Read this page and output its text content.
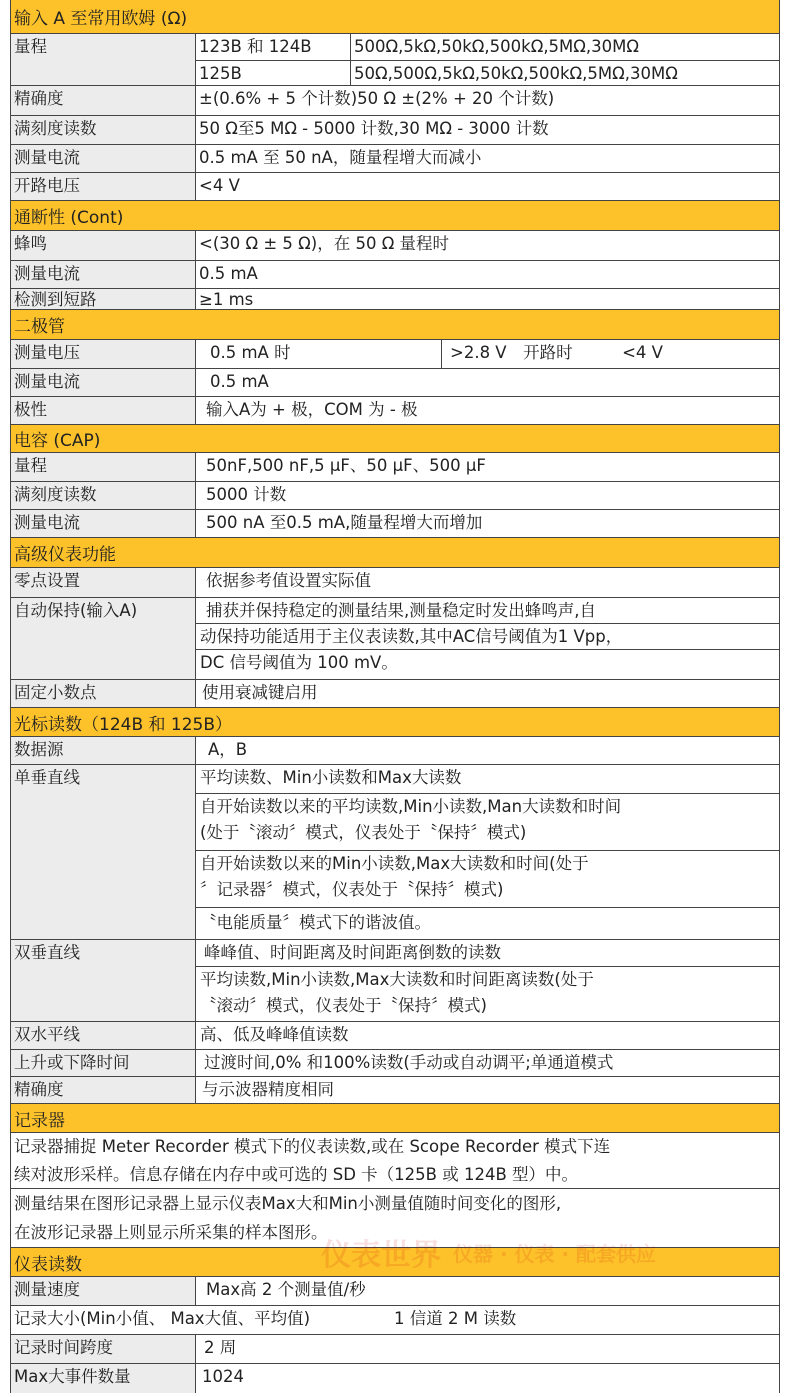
输入 A 至常用欧姆 (Ω)
量程	123B 和 124B	500Ω,5kΩ,50kΩ,500kΩ,5MΩ,30MΩ
125B	50Ω,500Ω,5kΩ,50kΩ,500kΩ,5MΩ,30MΩ
精确度	±(0.6% + 5 个计数)50 Ω ±(2% + 20 个计数)
满刻度读数	50 Ω至5 MΩ - 5000 计数,30 MΩ - 3000 计数
测量电流	0.5 mA 至 50 nA，随量程增大而减小
开路电压	<4 V
通断性 (Cont)
蜂鸣	<(30 Ω ± 5 Ω)，在 50 Ω 量程时
测量电流	0.5 mA
检测到短路	≥1 ms
二极管
测量电压	0.5 mA 时	>2.8 V　开路时　　　<4 V
测量电流	0.5 mA
极性	输入A为 + 极，COM 为 - 极
电容 (CAP)
量程	50nF,500 nF,5 μF、50 μF、500 μF
满刻度读数	5000 计数
测量电流	500 nA 至0.5 mA,随量程增大而增加
高级仪表功能
零点设置	依据参考值设置实际值
自动保持(输入A)	捕获并保持稳定的测量结果,测量稳定时发出蜂鸣声,自
动保持功能适用于主仪表读数,其中AC信号阈值为1 Vpp，
DC 信号阈值为 100 mV。
固定小数点	使用衰减键启用
光标读数（124B 和 125B）
数据源	A，B
单垂直线	平均读数、Min小读数和Max大读数
自开始读数以来的平均读数,Min小读数,Man大读数和时间
(处于〝滚动〞模式，仪表处于〝保持〞模式)
自开始读数以来的Min小读数,Max大读数和时间(处于
〞记录器〞模式，仪表处于〝保持〞模式)
〝电能质量〞模式下的谐波值。
双垂直线	峰峰值、时间距离及时间距离倒数的读数
平均读数,Min小读数,Max大读数和时间距离读数(处于
〝滚动〞模式，仪表处于〝保持〞模式)
双水平线	高、低及峰峰值读数
上升或下降时间	过渡时间,0% 和100%读数(手动或自动调平;单通道模式
精确度	与示波器精度相同
记录器
记录器捕捉 Meter Recorder 模式下的仪表读数,或在 Scope Recorder 模式下连
续对波形采样。信息存储在内存中或可选的 SD 卡（125B 或 124B 型）中。
测量结果在图形记录器上显示仪表Max大和Min小测量值随时间变化的图形,
在波形记录器上则显示所采集的样本图形。
仪表读数
测量速度	Max高 2 个测量值/秒
记录大小(Min小值、 Max大值、平均值)	1 信道 2 M 读数
记录时间跨度	2 周
Max大事件数量	1024
仪表世界 仪器 · 仪表 · 配套供应
